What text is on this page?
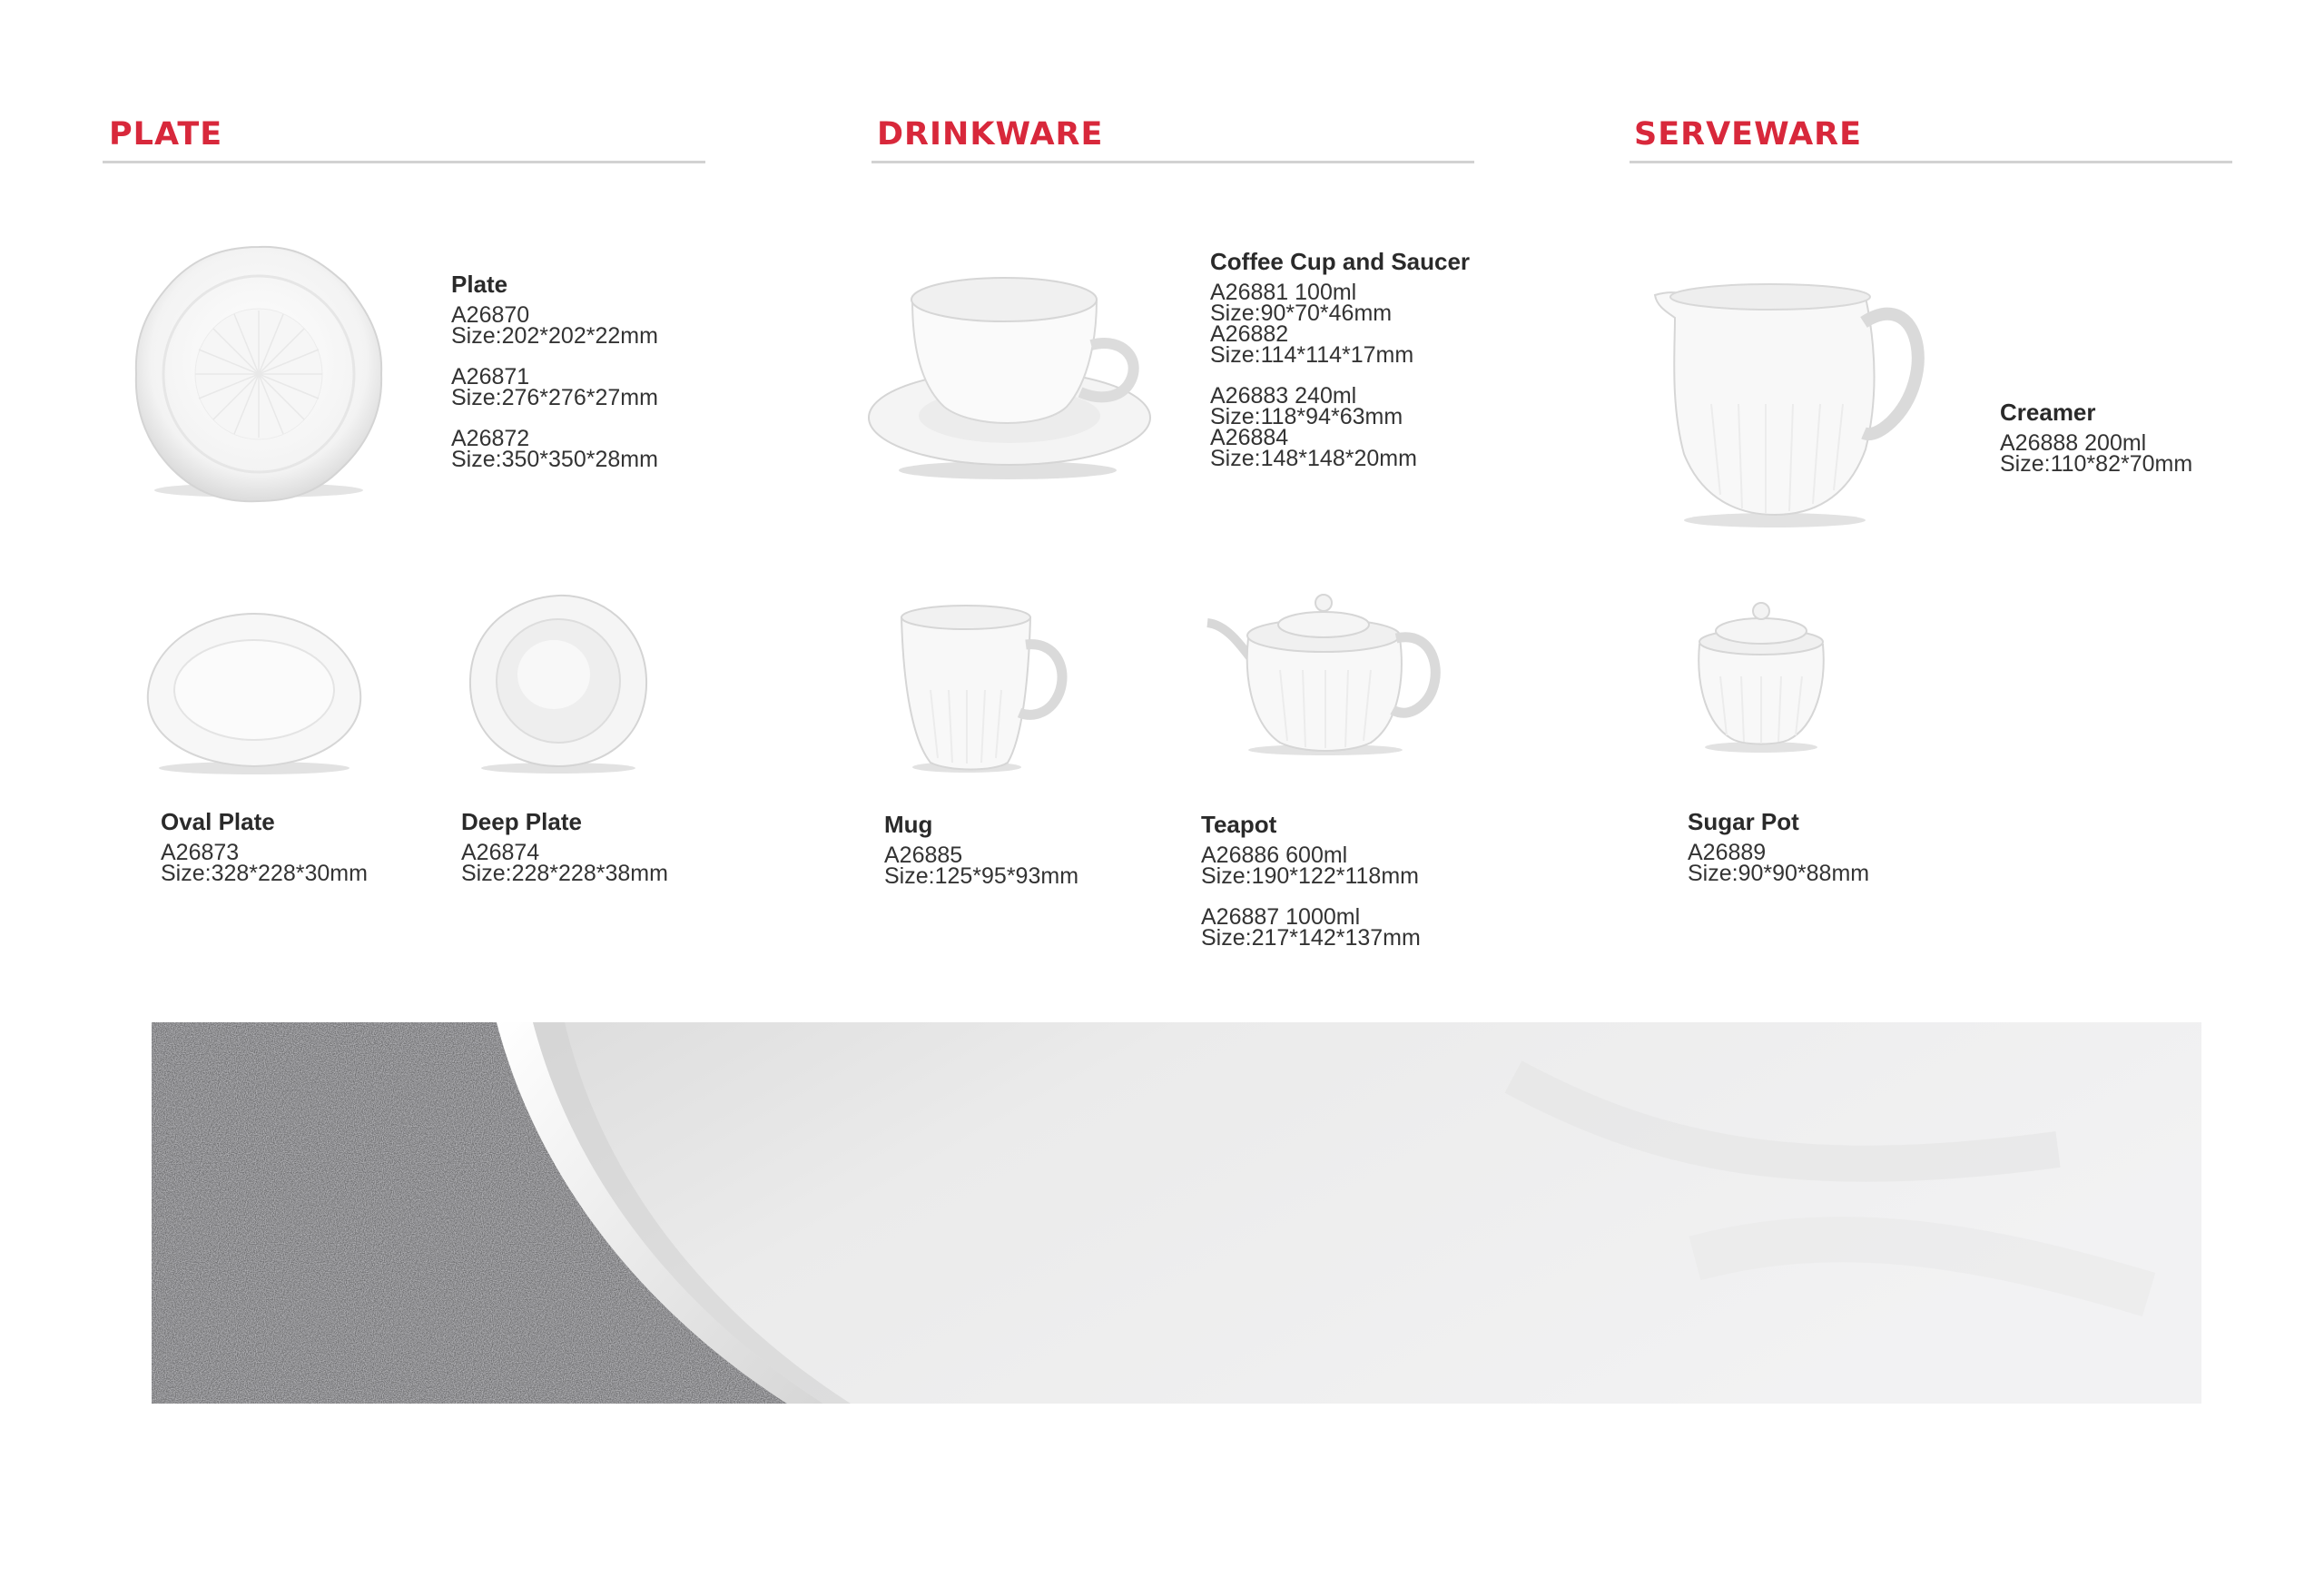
PLATE	DRINKWARE	SERVEWARE
Plate
A26870
Size:202*202*22mm
A26871
Size:276*276*27mm
A26872
Size:350*350*28mm
Oval Plate
A26873
Size:328*228*30mm
Deep Plate
A26874
Size:228*228*38mm
Coffee Cup and Saucer
A26881 100ml
Size:90*70*46mm
A26882
Size:114*114*17mm
A26883 240ml
Size:118*94*63mm
A26884
Size:148*148*20mm
Mug
A26885
Size:125*95*93mm
Teapot
A26886 600ml
Size:190*122*118mm
A26887 1000ml
Size:217*142*137mm
Creamer
A26888 200ml
Size:110*82*70mm
Sugar Pot
A26889
Size:90*90*88mm
